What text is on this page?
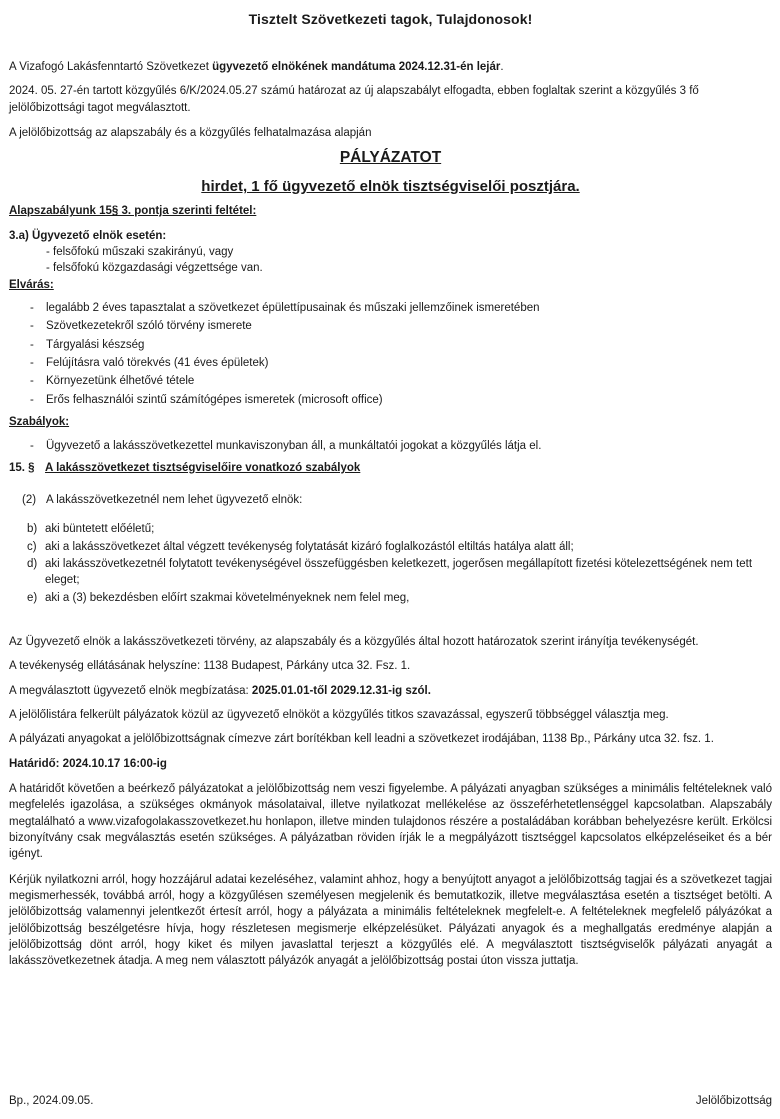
Tisztelt Szövetkezeti tagok, Tulajdonosok!

A Vizafogó Lakásfenntartó Szövetkezet ügyvezető elnökének mandátuma 2024.12.31-én lejár.

2024. 05. 27-én tartott közgyűlés 6/K/2024.05.27 számú határozat az új alapszabályt elfogadta, ebben foglaltak szerint a közgyűlés 3 fő jelölőbizottsági tagot megválasztott.

A jelölőbizottság az alapszabály és a közgyűlés felhatalmazása alapján

PÁLYÁZATOT
hirdet, 1 fő ügyvezető elnök tisztségviselői posztjára.

Alapszabályunk 15§ 3. pontja szerinti feltétel:

3.a) Ügyvezető elnök esetén:

- felsőfokú műszaki szakirányú, vagy
- felsőfokú közgazdasági végzettsége van.

Elvárás:

- legalább 2 éves tapasztalat a szövetkezet épülettípusainak és műszaki jellemzőinek ismeretében
- Szövetkezetekről szóló törvény ismerete
- Tárgyalási készség
- Felújításra való törekvés (41 éves épületek)
- Környezetünk élhetővé tétele
- Erős felhasználói szintű számítógépes ismeretek (microsoft office)

Szabályok:

- Ügyvezető a lakásszövetkezettel munkaviszonyban áll, a munkáltatói jogokat a közgyűlés látja el.

15. § A lakásszövetkezet tisztségviselőire vonatkozó szabályok

(2) A lakásszövetkezetnél nem lehet ügyvezető elnök:

b) aki büntetett előéletű;
c) aki a lakásszövetkezet által végzett tevékenység folytatását kizáró foglalkozástól eltiltás hatálya alatt áll;
d) aki lakásszövetkezetnél folytatott tevékenységével összefüggésben keletkezett, jogerősen megállapított fizetési kötelezettségének nem tett eleget;
e) aki a (3) bekezdésben előírt szakmai követelményeknek nem felel meg,

Az Ügyvezető elnök a lakásszövetkezeti törvény, az alapszabály és a közgyűlés által hozott határozatok szerint irányítja tevékenységét.

A tevékenység ellátásának helyszíne: 1138 Budapest, Párkány utca 32. Fsz. 1.

A megválasztott ügyvezető elnök megbízatása: 2025.01.01-től 2029.12.31-ig szól.

A jelölőlistára felkerült pályázatok közül az ügyvezető elnököt a közgyűlés titkos szavazással, egyszerű többséggel választja meg.

A pályázati anyagokat a jelölőbizottságnak címezve zárt borítékban kell leadni a szövetkezet irodájában, 1138 Bp., Párkány utca 32. fsz. 1.

Határidő: 2024.10.17 16:00-ig

A határidőt követően a beérkező pályázatokat a jelölőbizottság nem veszi figyelembe. A pályázati anyagban szükséges a minimális feltételeknek való megfelelés igazolása, a szükséges okmányok másolataival, illetve nyilatkozat mellékelése az összeférhetetlenséggel kapcsolatban. Alapszabály megtalálható a www.vizafogolakasszovetkezet.hu honlapon, illetve minden tulajdonos részére a postaládában korábban behelyezésre került. Erkölcsi bizonyítvány csak megválasztás esetén szükséges. A pályázatban röviden írják le a megpályázott tisztséggel kapcsolatos elképzeléseiket és a bér igényt.

Kérjük nyilatkozni arról, hogy hozzájárul adatai kezeléséhez, valamint ahhoz, hogy a benyújtott anyagot a jelölőbizottság tagjai és a szövetkezet tagjai megismerhessék, továbbá arról, hogy a közgyűlésen személyesen megjelenik és bemutatkozik, illetve megválasztása esetén a tisztséget betölti. A jelölőbizottság valamennyi jelentkezőt értesít arról, hogy a pályázata a minimális feltételeknek megfelelt-e. A feltételeknek megfelelő pályázókat a jelölőbizottság beszélgetésre hívja, hogy részletesen megismerje elképzelésüket. Pályázati anyagok és a meghallgatás eredménye alapján a jelölőbizottság dönt arról, hogy kiket és milyen javaslattal terjeszt a közgyűlés elé. A megválasztott tisztségviselők pályázati anyagát a lakásszövetkezetnek átadja. A meg nem választott pályázók anyagát a jelölőbizottság postai úton vissza juttatja.

Bp., 2024.09.05.	Jelölőbizottság
